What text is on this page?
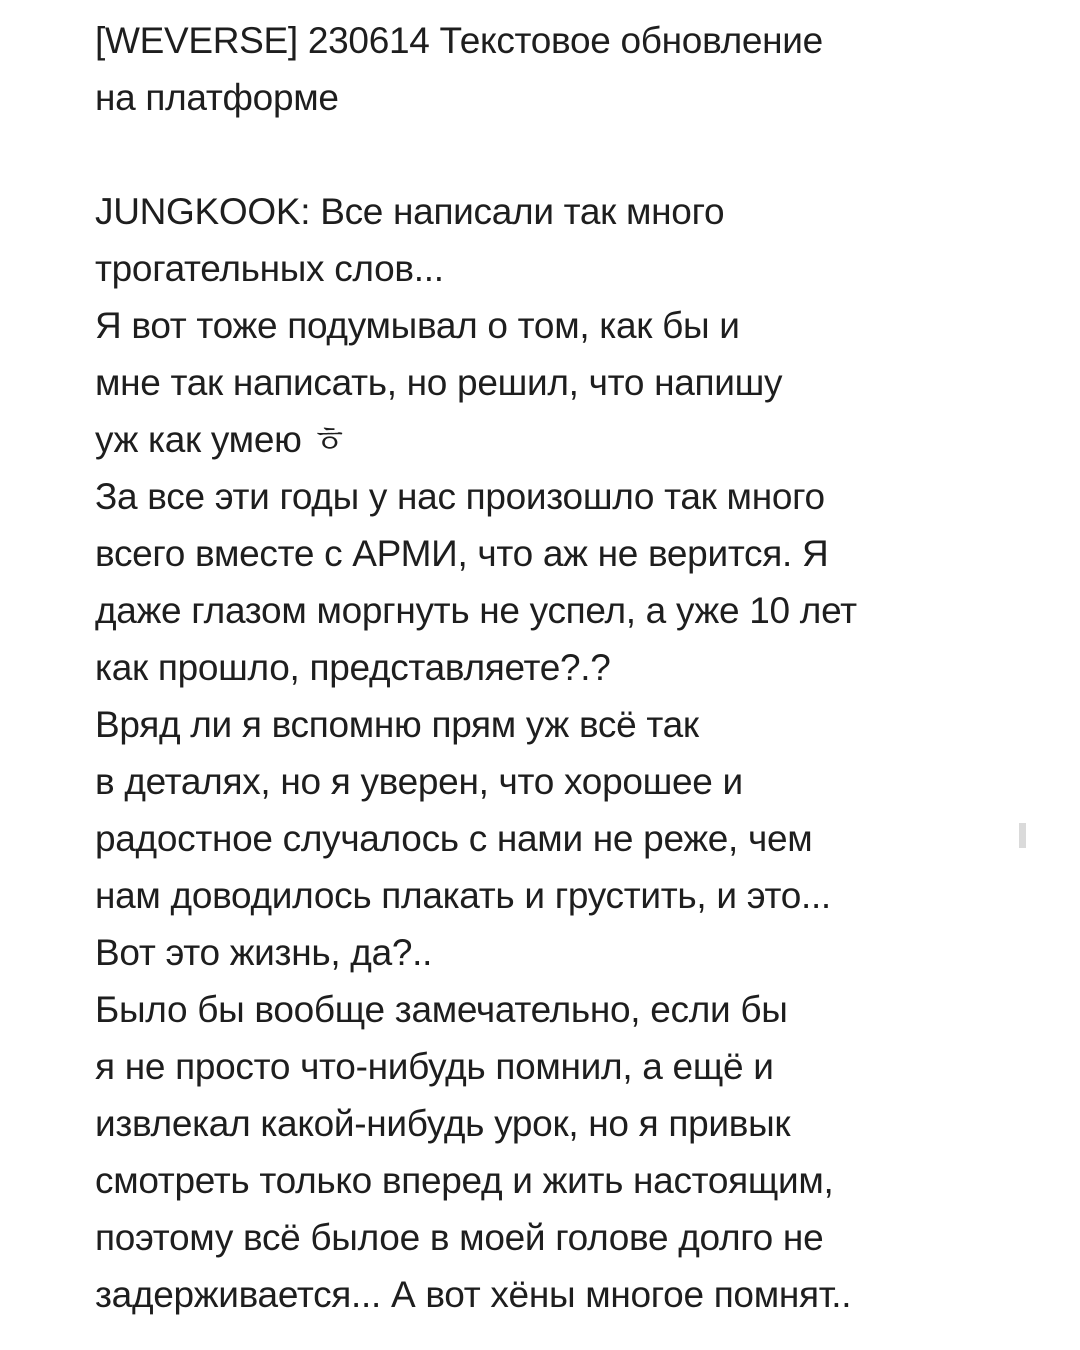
[WEVERSE] 230614 Текстовое обновление
на платформе
JUNGKOOK: Все написали так много
трогательных слов...
Я вот тоже подумывал о том, как бы и
мне так написать, но решил, что напишу
уж как умею ㅎ
За все эти годы у нас произошло так много
всего вместе с АРМИ, что аж не верится. Я
даже глазом моргнуть не успел, а уже 10 лет
как прошло, представляете?.?
Вряд ли я вспомню прям уж всё так
в деталях, но я уверен, что хорошее и
радостное случалось с нами не реже, чем
нам доводилось плакать и грустить, и это...
Вот это жизнь, да?..
Было бы вообще замечательно, если бы
я не просто что-нибудь помнил, а ещё и
извлекал какой-нибудь урок, но я привык
смотреть только вперед и жить настоящим,
поэтому всё былое в моей голове долго не
задерживается... А вот хёны многое помнят..
